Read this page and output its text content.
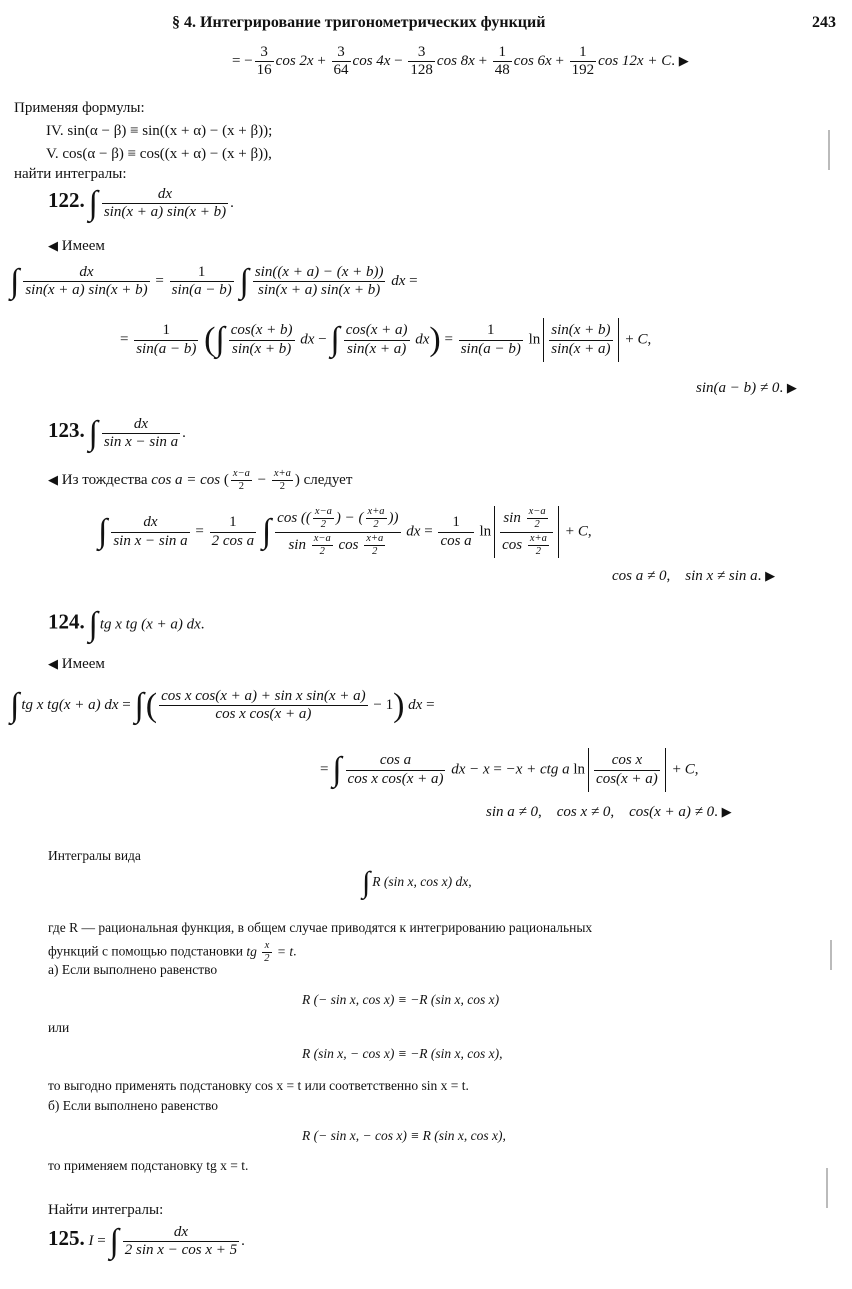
§ 4. Интегрирование тригонометрических функций	243
= − $\frac{3}{16}$ $\cos 2x + \frac{3}{64}$ $\cos 4x - \frac{3}{128}$ $\cos 8x + \frac{1}{48}$ $\cos 6x + \frac{1}{192}$ cos 12x + C. ▶
Применяя формулы:
IV. sin(α − β) ≡ sin((x + α) − (x + β));
V. cos(α − β) ≡ cos((x + α) − (x + β)),
найти интегралы:
122. ∫ $\frac{dx}{\sin(x + a) \sin(x + b)}$ .
◀ Имеем
∫ $\frac{dx}{\sin(x + a) \sin(x + b)} = \frac{1}{\sin(a - b)}$ ∫ $\frac{\sin((x + a) - (x + b))}{\sin(x + a) \sin(x + b)}$ dx =
= $\frac{1}{\sin(a - b)}$ (∫ $\frac{\cos(x + b)}{\sin(x + b)}$ dx − ∫ $\frac{\cos(x + a)}{\sin(x + a)} dx) = \frac{1}{\sin(a - b)}$ $\ln \frac{\sin(x + b)}{\sin(x + a)} + C$,
sin(a − b) ≠ 0. ▶
123. ∫ $\frac{dx}{\text{sin x − sin a}}$ .
◀ Из тождества cos a = cos ( $\frac{x-a}{2} - \frac{x+a}{2}$ ) следует
∫ $\frac{dx}{\text{sin x − sin a}} = \frac{1}{\text{2 cos a}}$ ∫ $\frac{\cos (( \frac{x-a}{2} ) - ( \frac{x+a}{2} ))}{\sin \frac{x-a}{2} \cos \frac{x+a}{2}}$ dx = $\frac{1}{\text{cos a}}$ $\ln \frac{\sin \frac{x-a}{2}}{\cos \frac{x+a}{2}} + C$,
cos a ≠ 0,    sin x ≠ sin a. ▶
124. ∫ tg x tg (x + a) dx.
◀ Имеем
∫ tg x tg(x + a) dx = ∫( $\frac{\text{cos x cos(x + a) + sin x sin(x + a)}}{\text{cos x cos(x + a)}} - 1$) dx =
= ∫ $\frac{\text{cos a}}{\text{cos x cos(x + a)}}$ dx − x = −x + ctg a $\ln \frac{\text{cos x}}{\cos(x + a)} + C$,
sin a ≠ 0,    cos x ≠ 0,    cos(x + a) ≠ 0. ▶
Интегралы вида
∫ R (sin x, cos x) dx,
где R — рациональная функция, в общем случае приводятся к интегрированию рациональных
функций с помощью подстановки tg $\frac{x}{2} = t$.
а) Если выполнено равенство
R (− sin x, cos x) ≡ −R (sin x, cos x)
или
R (sin x, − cos x) ≡ −R (sin x, cos x),
то выгодно применять подстановку cos x = t или соответственно sin x = t.
б) Если выполнено равенство
R (− sin x, − cos x) ≡ R (sin x, cos x),
то применяем подстановку tg x = t.
Найти интегралы:
125. I = ∫ $\frac{dx}{\text{2 sin x − cos x + 5}}$ .
